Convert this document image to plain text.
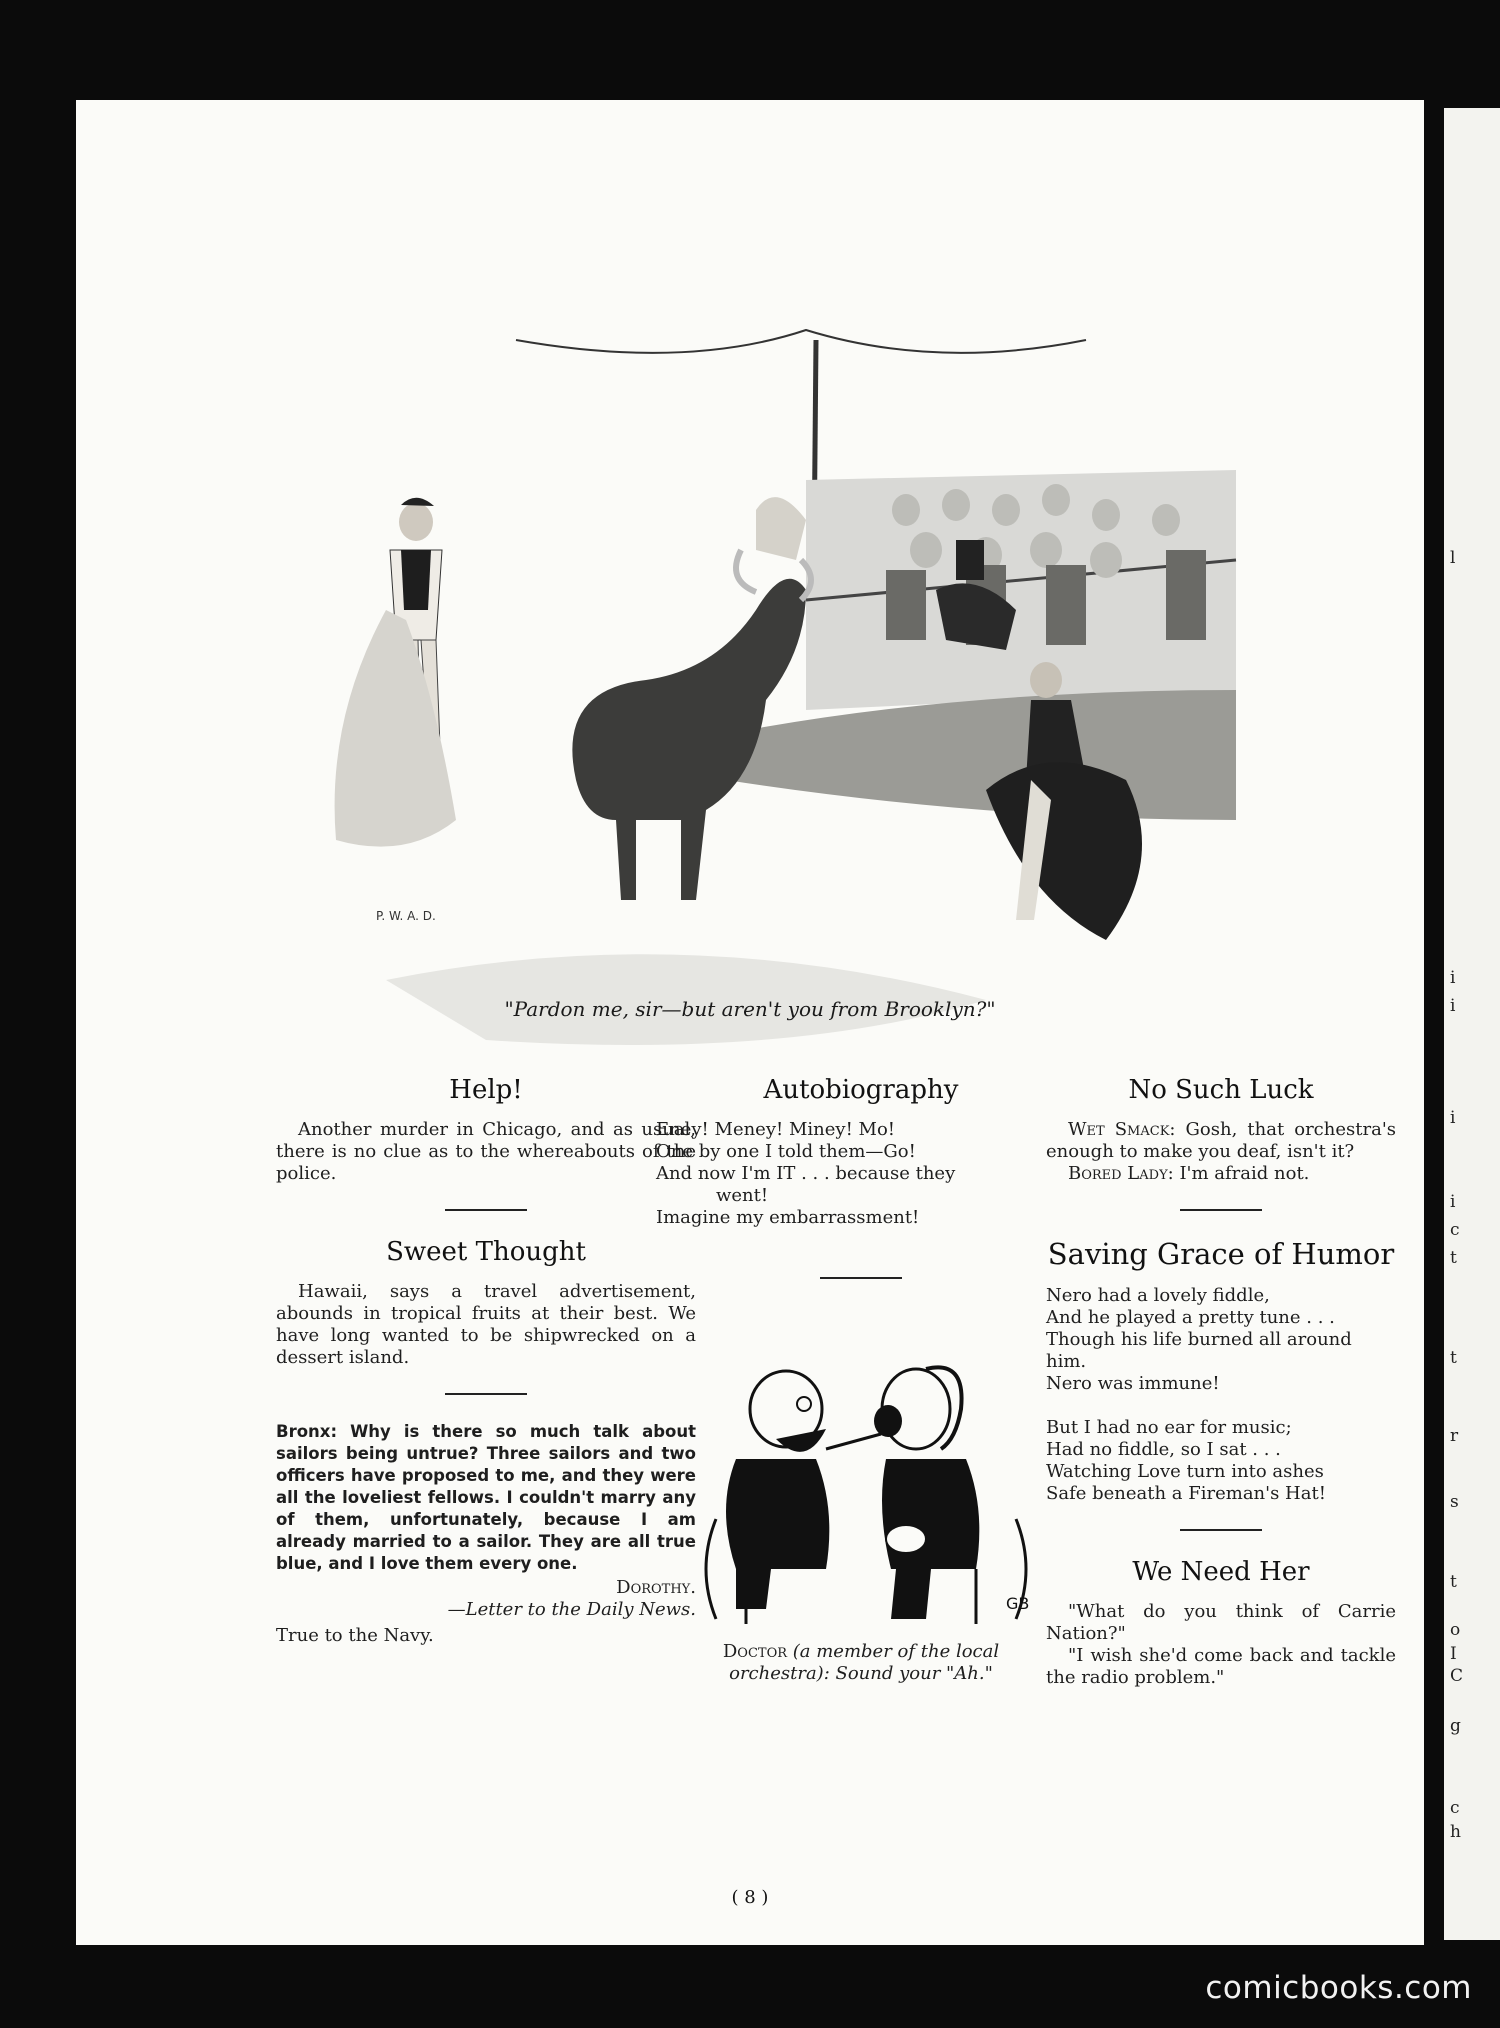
l
i
i
i
i
c
t
t
r
s
t
o
I
C
g
c
h
P. W. A. D.
"Pardon me, sir—but aren't you from Brooklyn?"
Help!

Another murder in Chicago, and as usual, there is no clue as to the whereabouts of the police.

Sweet Thought

Hawaii, says a travel advertisement, abounds in tropical fruits at their best. We have long wanted to be shipwrecked on a dessert island.

Bronx: Why is there so much talk about sailors being untrue? Three sailors and two officers have proposed to me, and they were all the loveliest fellows. I couldn't marry any of them, unfortunately, because I am already married to a sailor. They are all true blue, and I love them every one.

Dorothy.

—Letter to the Daily News.

True to the Navy.

Autobiography

Eney! Meney! Miney! Mo!

One by one I told them—Go!

And now I'm IT . . . because they

went!

Imagine my embarrassment!

GB
Doctor (a member of the local
orchestra): Sound your "Ah."
No Such Luck

Wet Smack: Gosh, that orchestra's enough to make you deaf, isn't it?

Bored Lady: I'm afraid not.

Saving Grace of Humor

Nero had a lovely fiddle,

And he played a pretty tune . . .

Though his life burned all around him.

Nero was immune!

But I had no ear for music;

Had no fiddle, so I sat . . .

Watching Love turn into ashes

Safe beneath a Fireman's Hat!

We Need Her

"What do you think of Carrie Nation?"

"I wish she'd come back and tackle the radio problem."

( 8 )
comicbooks.com
